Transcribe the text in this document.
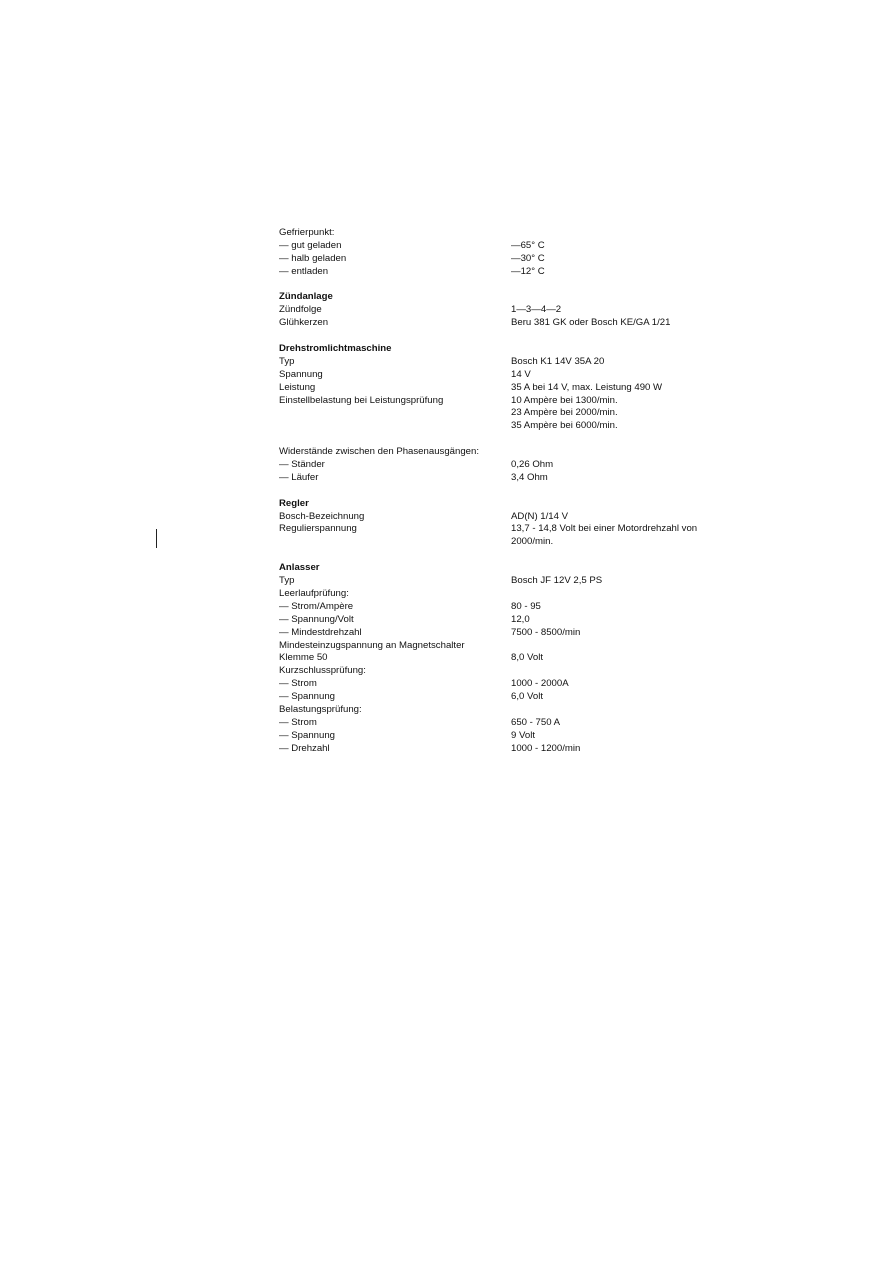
Gefrierpunkt:
— gut geladen	—65° C
— halb geladen	—30° C
— entladen	—12° C
Zündanlage
Zündfolge	1—3—4—2
Glühkerzen	Beru 381 GK oder Bosch KE/GA 1/21
Drehstromlichtmaschine
Typ	Bosch K1 14V 35A 20
Spannung	14 V
Leistung	35 A bei 14 V, max. Leistung 490 W
Einstellbelastung bei Leistungsprüfung	10 Ampère bei 1300/min.
23 Ampère bei 2000/min.
35 Ampère bei 6000/min.
Widerstände zwischen den Phasenausgängen:
— Ständer	0,26 Ohm
— Läufer	3,4 Ohm
Regler
Bosch-Bezeichnung	AD(N) 1/14 V
Regulierspannung	13,7 - 14,8 Volt bei einer Motordrehzahl von
2000/min.
Anlasser
Typ	Bosch JF 12V 2,5 PS
Leerlaufprüfung:
— Strom/Ampère	80 - 95
— Spannung/Volt	12,0
— Mindestdrehzahl	7500 - 8500/min
Mindesteinzugspannung an Magnetschalter
Klemme 50	8,0 Volt
Kurzschlussprüfung:
— Strom	1000 - 2000A
— Spannung	6,0 Volt
Belastungsprüfung:
— Strom	650 - 750 A
— Spannung	9 Volt
— Drehzahl	1000 - 1200/min
